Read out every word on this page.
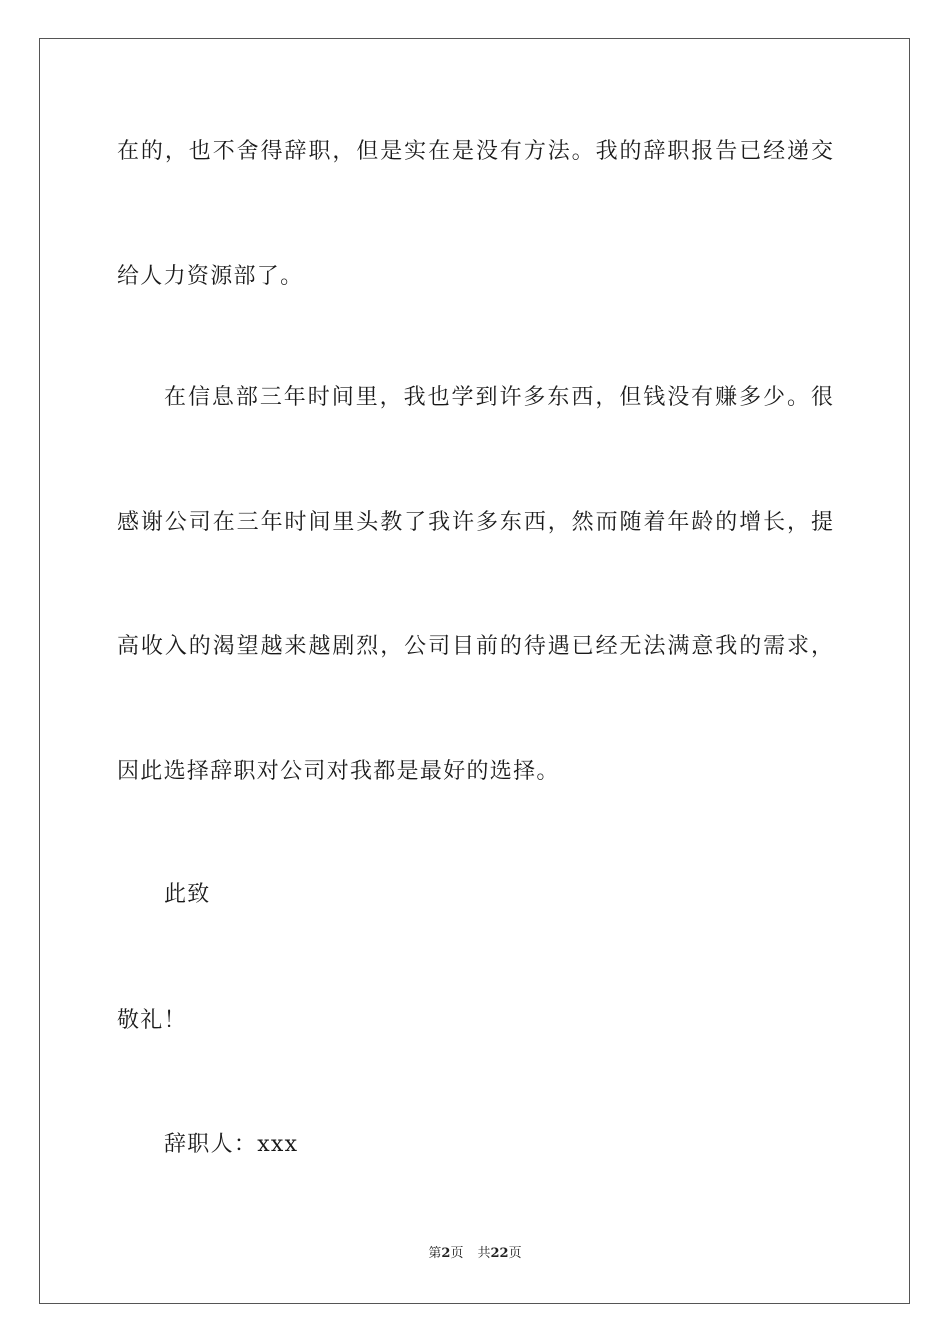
在的，也不舍得辞职，但是实在是没有方法。我的辞职报告已经递交
给人力资源部了。
在信息部三年时间里，我也学到许多东西，但钱没有赚多少。很
感谢公司在三年时间里头教了我许多东西，然而随着年龄的增长，提
高收入的渴望越来越剧烈，公司目前的待遇已经无法满意我的需求，
因此选择辞职对公司对我都是最好的选择。
此致
敬礼！
辞职人：xxx
第2页 共22页
